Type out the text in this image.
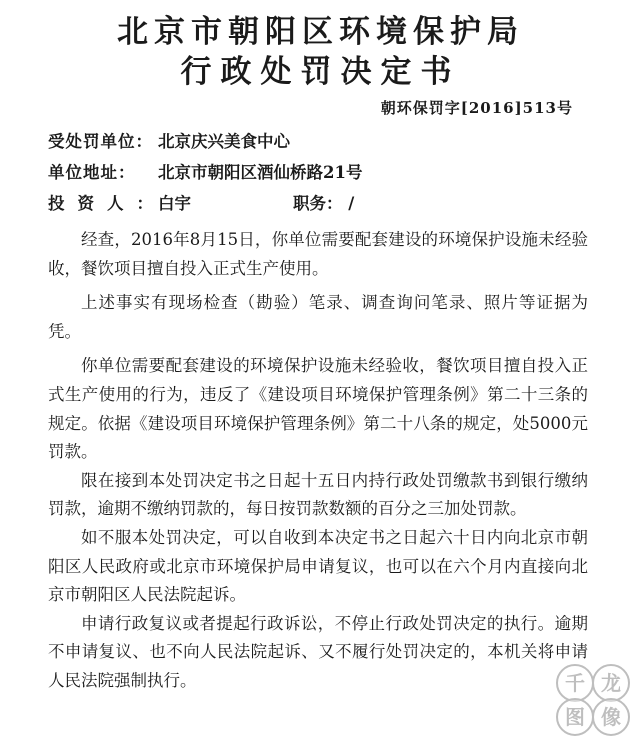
北京市朝阳区环境保护局
行政处罚决定书
朝环保罚字[2016]513号
受处罚单位： 北京庆兴美食中心
单位地址： 北京市朝阳区酒仙桥路21号
投资人：白宇	职务： /

经查，2016年8月15日，你单位需要配套建设的环境保护设施未经验收，餐饮项目擅自投入正式生产使用。

上述事实有现场检查（勘验）笔录、调查询问笔录、照片等证据为凭。

你单位需要配套建设的环境保护设施未经验收，餐饮项目擅自投入正式生产使用的行为，违反了《建设项目环境保护管理条例》第二十三条的规定。依据《建设项目环境保护管理条例》第二十八条的规定，处5000元罚款。

限在接到本处罚决定书之日起十五日内持行政处罚缴款书到银行缴纳罚款，逾期不缴纳罚款的，每日按罚款数额的百分之三加处罚款。

如不服本处罚决定，可以自收到本决定书之日起六十日内向北京市朝阳区人民政府或北京市环境保护局申请复议，也可以在六个月内直接向北京市朝阳区人民法院起诉。

申请行政复议或者提起行政诉讼，不停止行政处罚决定的执行。逾期不申请复议、也不向人民法院起诉、又不履行处罚决定的，本机关将申请人民法院强制执行。	千 龙
图 像
